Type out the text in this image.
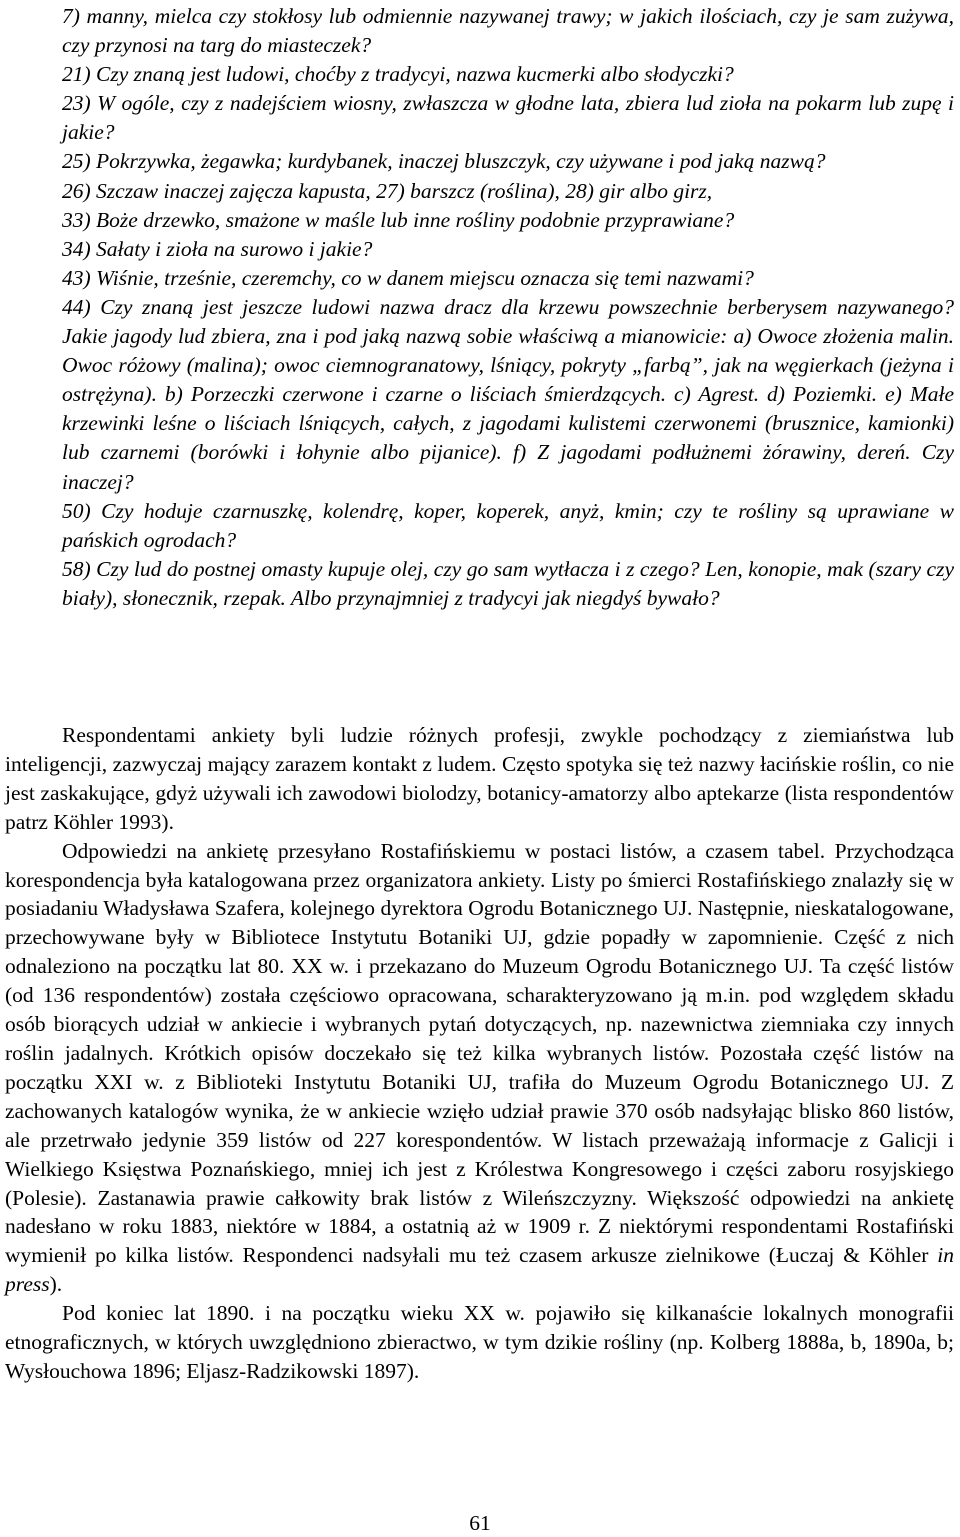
7) manny, mielca czy stokłosy lub odmiennie nazywanej trawy; w jakich ilościach, czy je sam zużywa, czy przynosi na targ do miasteczek?

21) Czy znaną jest ludowi, choćby z tradycyi, nazwa kucmerki albo słodyczki?

23) W ogóle, czy z nadejściem wiosny, zwłaszcza w głodne lata, zbiera lud zioła na pokarm lub zupę i jakie?

25) Pokrzywka, żegawka; kurdybanek, inaczej bluszczyk, czy używane i pod jaką nazwą?

26) Szczaw inaczej zajęcza kapusta, 27) barszcz (roślina), 28) gir albo girz,

33) Boże drzewko, smażone w maśle lub inne rośliny podobnie przyprawiane?

34) Sałaty i zioła na surowo i jakie?

43) Wiśnie, trześnie, czeremchy, co w danem miejscu oznacza się temi nazwami?

44) Czy znaną jest jeszcze ludowi nazwa dracz dla krzewu powszechnie berberysem nazywanego? Jakie jagody lud zbiera, zna i pod jaką nazwą sobie właściwą a mianowicie: a) Owoce złożenia malin. Owoc różowy (malina); owoc ciemnogranatowy, lśniący, pokryty „farbą”, jak na węgierkach (jeżyna i ostrężyna). b) Porzeczki czerwone i czarne o liściach śmierdzących. c) Agrest. d) Poziemki. e) Małe krzewinki leśne o liściach lśniących, całych, z jagodami kulistemi czerwonemi (brusznice, kamionki) lub czarnemi (borówki i łohynie albo pijanice). f) Z jagodami podłużnemi żórawiny, dereń. Czy inaczej?

50) Czy hoduje czarnuszkę, kolendrę, koper, koperek, anyż, kmin; czy te rośliny są uprawiane w pańskich ogrodach?

58) Czy lud do postnej omasty kupuje olej, czy go sam wytłacza i z czego? Len, konopie, mak (szary czy biały), słonecznik, rzepak. Albo przynajmniej z tradycyi jak niegdyś bywało?

Respondentami ankiety byli ludzie różnych profesji, zwykle pochodzący z ziemiaństwa lub inteligencji, zazwyczaj mający zarazem kontakt z ludem. Często spotyka się też nazwy łacińskie roślin, co nie jest zaskakujące, gdyż używali ich zawodowi biolodzy, botanicy-amatorzy albo aptekarze (lista respondentów patrz Köhler 1993).

Odpowiedzi na ankietę przesyłano Rostafińskiemu w postaci listów, a czasem tabel. Przychodząca korespondencja była katalogowana przez organizatora ankiety. Listy po śmierci Rostafińskiego znalazły się w posiadaniu Władysława Szafera, kolejnego dyrektora Ogrodu Botanicznego UJ. Następnie, nieskatalogowane, przechowywane były w Bibliotece Instytutu Botaniki UJ, gdzie popadły w zapomnienie. Część z nich odnaleziono na początku lat 80. XX w. i przekazano do Muzeum Ogrodu Botanicznego UJ. Ta część listów (od 136 respondentów) została częściowo opracowana, scharakteryzowano ją m.in. pod względem składu osób biorących udział w ankiecie i wybranych pytań dotyczących, np. nazewnictwa ziemniaka czy innych roślin jadalnych. Krótkich opisów doczekało się też kilka wybranych listów. Pozostała część listów na początku XXI w. z Biblioteki Instytutu Botaniki UJ, trafiła do Muzeum Ogrodu Botanicznego UJ. Z zachowanych katalogów wynika, że w ankiecie wzięło udział prawie 370 osób nadsyłając blisko 860 listów, ale przetrwało jedynie 359 listów od 227 korespondentów. W listach przeważają informacje z Galicji i Wielkiego Księstwa Poznańskiego, mniej ich jest z Królestwa Kongresowego i części zaboru rosyjskiego (Polesie). Zastanawia prawie całkowity brak listów z Wileńszczyzny. Większość odpowiedzi na ankietę nadesłano w roku 1883, niektóre w 1884, a ostatnią aż w 1909 r. Z niektórymi respondentami Rostafiński wymienił po kilka listów. Respondenci nadsyłali mu też czasem arkusze zielnikowe (Łuczaj & Köhler in press).

Pod koniec lat 1890. i na początku wieku XX w. pojawiło się kilkanaście lokalnych monografii etnograficznych, w których uwzględniono zbieractwo, w tym dzikie rośliny (np. Kolberg 1888a, b, 1890a, b; Wysłouchowa 1896; Eljasz-Radzikowski 1897).

61
